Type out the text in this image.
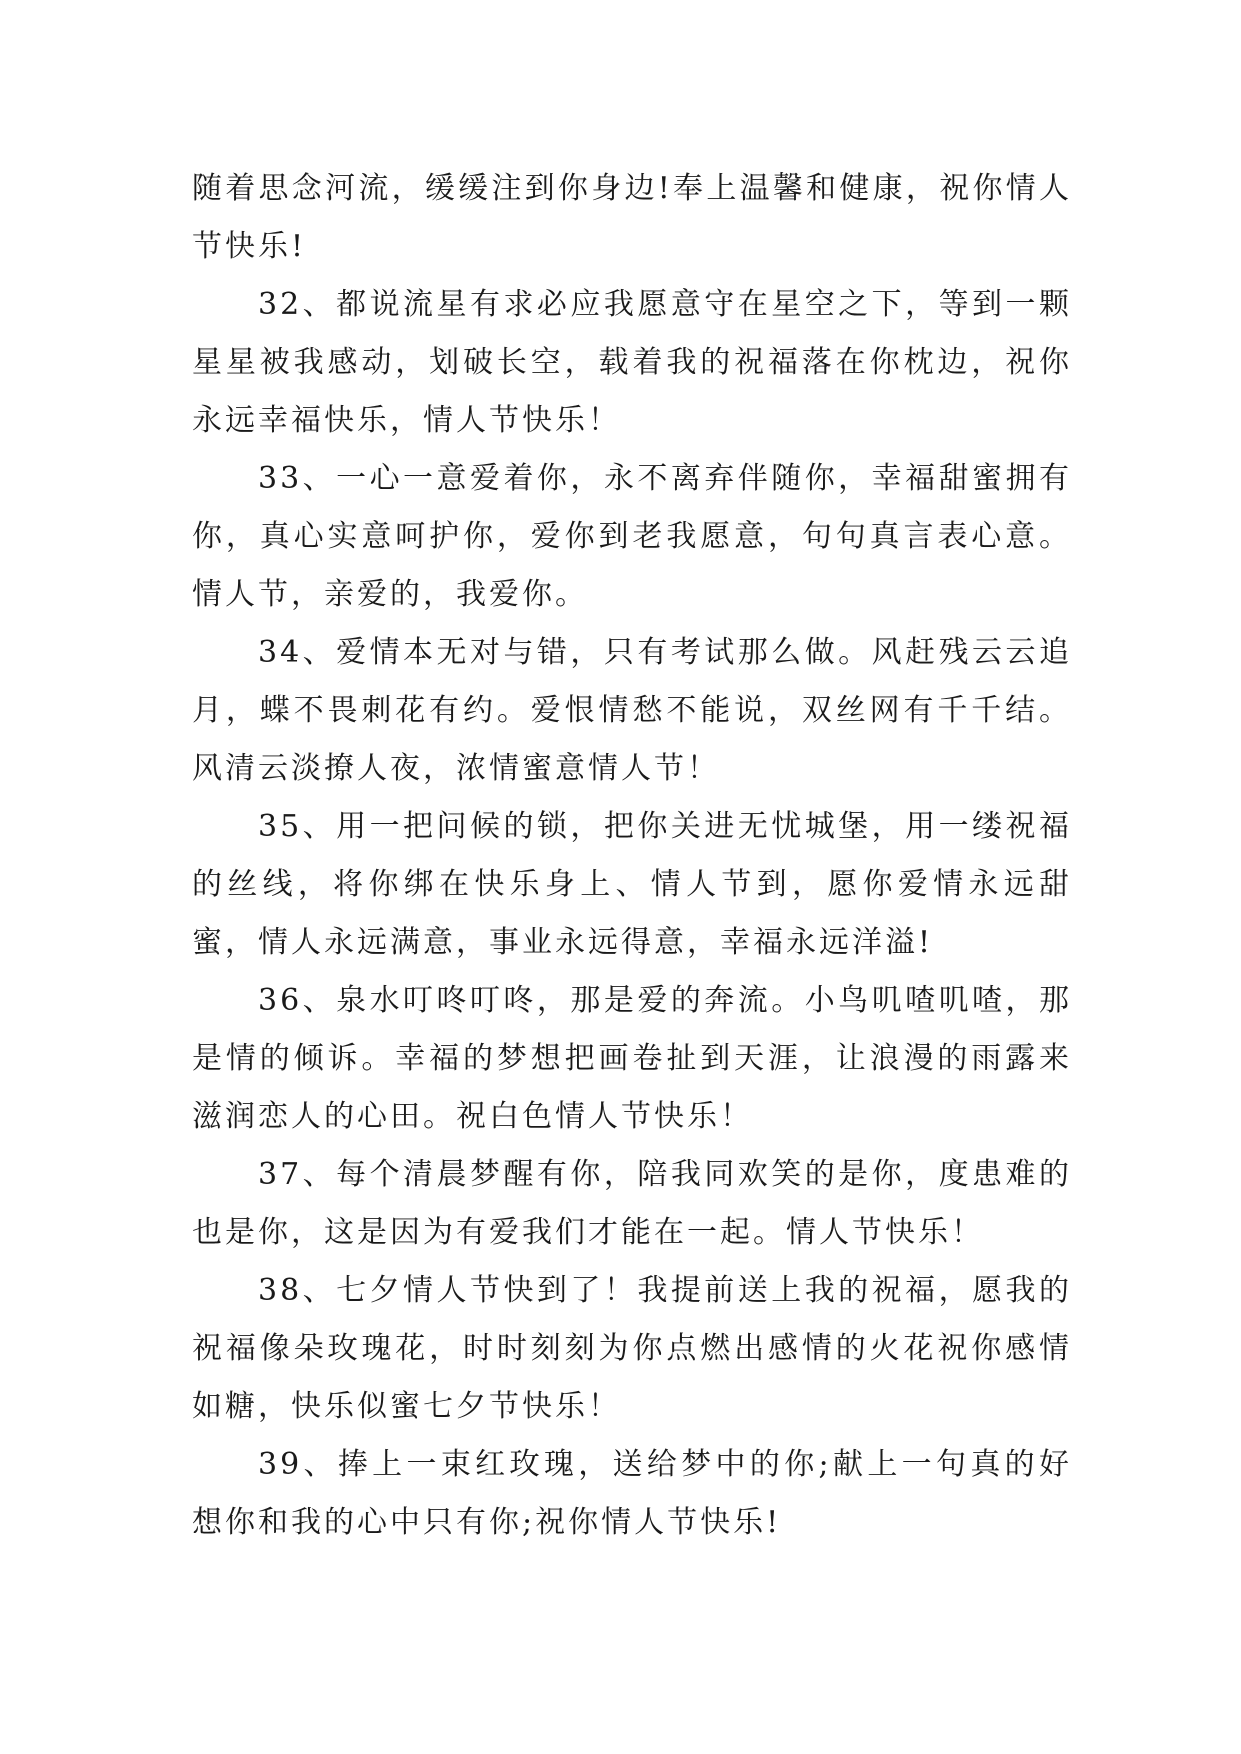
随着思念河流，缓缓注到你身边!奉上温馨和健康，祝你情人节快乐!

32、都说流星有求必应我愿意守在星空之下，等到一颗星星被我感动，划破长空，载着我的祝福落在你枕边，祝你永远幸福快乐，情人节快乐！

33、一心一意爱着你，永不离弃伴随你，幸福甜蜜拥有你，真心实意呵护你，爱你到老我愿意，句句真言表心意。情人节，亲爱的，我爱你。

34、爱情本无对与错，只有考试那么做。风赶残云云追月，蝶不畏刺花有约。爱恨情愁不能说，双丝网有千千结。风清云淡撩人夜，浓情蜜意情人节！

35、用一把问候的锁，把你关进无忧城堡，用一缕祝福的丝线，将你绑在快乐身上、情人节到，愿你爱情永远甜蜜，情人永远满意，事业永远得意，幸福永远洋溢!

36、泉水叮咚叮咚，那是爱的奔流。小鸟叽喳叽喳，那是情的倾诉。幸福的梦想把画卷扯到天涯，让浪漫的雨露来滋润恋人的心田。祝白色情人节快乐！

37、每个清晨梦醒有你，陪我同欢笑的是你，度患难的也是你，这是因为有爱我们才能在一起。情人节快乐！

38、七夕情人节快到了！我提前送上我的祝福，愿我的祝福像朵玫瑰花，时时刻刻为你点燃出感情的火花祝你感情如糖，快乐似蜜七夕节快乐！

39、捧上一束红玫瑰，送给梦中的你;献上一句真的好想你和我的心中只有你;祝你情人节快乐!
